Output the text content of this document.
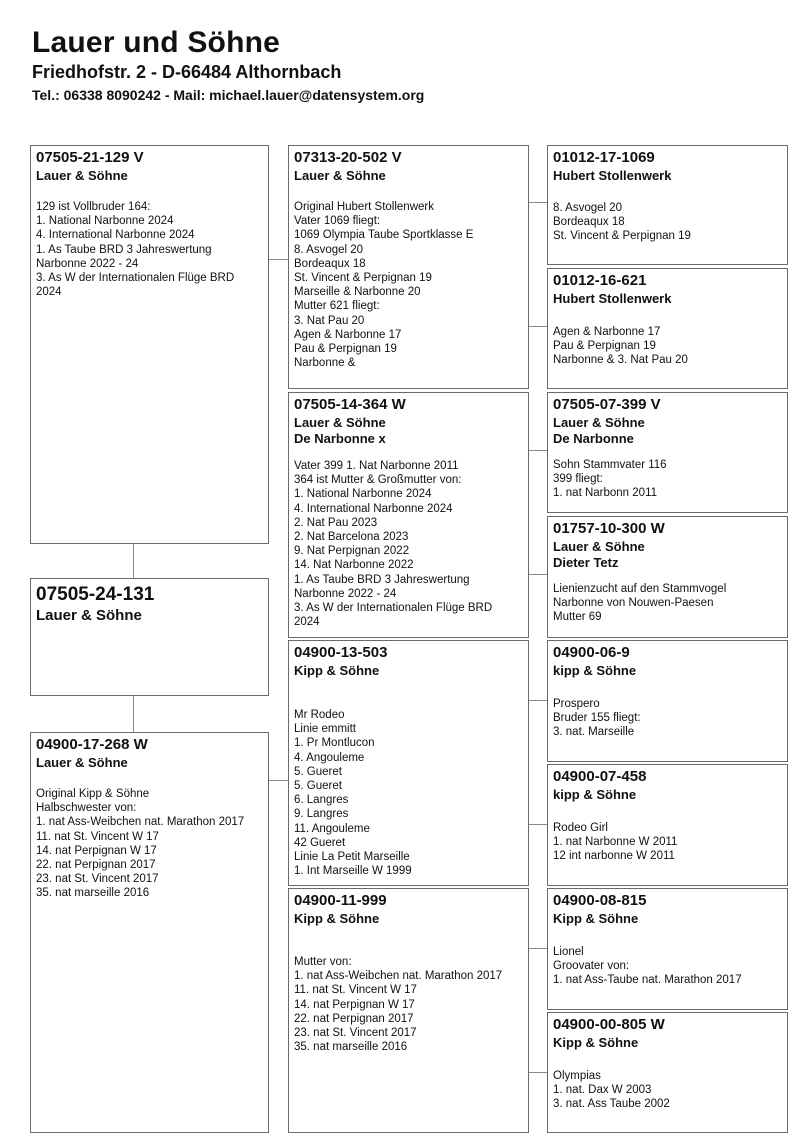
Lauer und Söhne
Friedhofstr. 2 - D-66484 Althornbach
Tel.: 06338 8090242 - Mail: michael.lauer@datensystem.org
07505-21-129 V
Lauer & Söhne
129 ist Vollbruder 164:
1. National Narbonne 2024
4. International Narbonne 2024
1. As Taube BRD 3 Jahreswertung
Narbonne 2022 - 24
3. As W der Internationalen Flüge BRD
2024
07505-24-131
Lauer & Söhne
04900-17-268 W
Lauer & Söhne
Original Kipp & Söhne
Halbschwester von:
1. nat Ass-Weibchen nat. Marathon 2017
11. nat St. Vincent W 17
14. nat Perpignan W 17
22. nat Perpignan 2017
23. nat St. Vincent 2017
35. nat marseille 2016
07313-20-502 V
Lauer & Söhne
Original Hubert Stollenwerk
Vater 1069 fliegt:
1069 Olympia Taube Sportklasse E
8. Asvogel 20
Bordeaqux 18
St. Vincent & Perpignan 19
Marseille & Narbonne 20
Mutter 621 fliegt:
3. Nat Pau 20
Agen & Narbonne 17
Pau & Perpignan 19
Narbonne &
07505-14-364 W
Lauer & Söhne
De Narbonne x
Vater 399 1. Nat Narbonne 2011
364 ist Mutter & Großmutter von:
1. National Narbonne 2024
4. International Narbonne 2024
2. Nat Pau 2023
2. Nat Barcelona 2023
9. Nat Perpignan 2022
14. Nat Narbonne 2022
1. As Taube BRD 3 Jahreswertung
Narbonne 2022 - 24
3. As W der Internationalen Flüge BRD
2024
04900-13-503
Kipp & Söhne
Mr Rodeo
Linie emmitt
1. Pr Montlucon
4. Angouleme
5. Gueret
5. Gueret
6. Langres
9. Langres
11. Angouleme
42 Gueret
Linie La Petit Marseille
1. Int Marseille W 1999
04900-11-999
Kipp & Söhne
Mutter von:
1. nat Ass-Weibchen nat. Marathon 2017
11. nat St. Vincent W 17
14. nat Perpignan W 17
22. nat Perpignan 2017
23. nat St. Vincent 2017
35. nat marseille 2016
01012-17-1069
Hubert Stollenwerk
8. Asvogel 20
Bordeaqux 18
St. Vincent & Perpignan 19
01012-16-621
Hubert Stollenwerk
Agen & Narbonne 17
Pau & Perpignan 19
Narbonne & 3. Nat Pau 20
07505-07-399 V
Lauer & Söhne
De Narbonne
Sohn Stammvater 116
399 fliegt:
1. nat Narbonn 2011
01757-10-300 W
Lauer & Söhne
Dieter Tetz
Lienienzucht auf den Stammvogel
Narbonne von Nouwen-Paesen
Mutter 69
04900-06-9
kipp & Söhne
Prospero
Bruder 155 fliegt:
3. nat. Marseille
04900-07-458
kipp & Söhne
Rodeo Girl
1. nat Narbonne W 2011
12 int narbonne W 2011
04900-08-815
Kipp & Söhne
Lionel
Groovater von:
1. nat Ass-Taube nat. Marathon 2017
04900-00-805 W
Kipp & Söhne
Olympias
1. nat. Dax W 2003
3. nat. Ass Taube 2002
